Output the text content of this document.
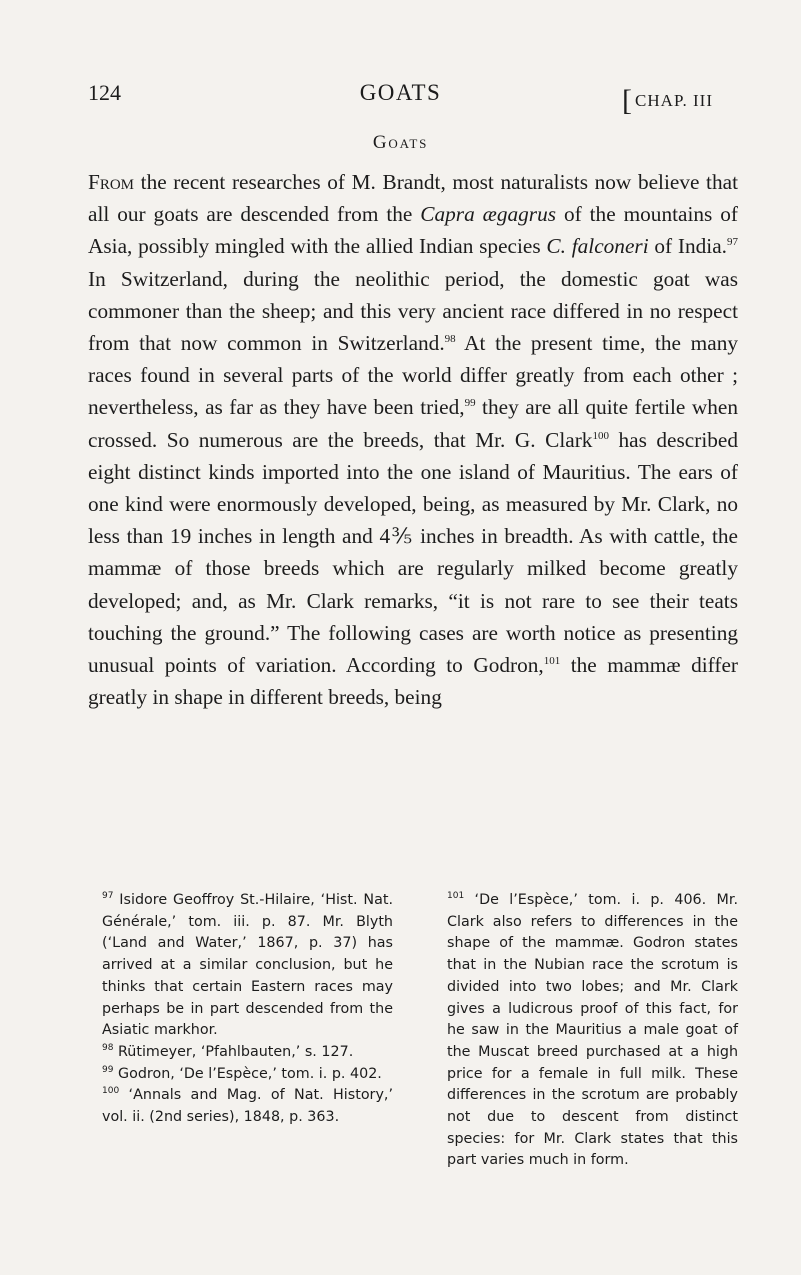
124	GOATS	[ CHAP. III
Goats

From the recent researches of M. Brandt, most naturalists now believe that all our goats are descended from the Capra ægagrus of the mountains of Asia, possibly mingled with the allied Indian species C. falconeri of India.$^{97}$ In Switzerland, during the neolithic period, the domestic goat was commoner than the sheep; and this very ancient race differed in no respect from that now common in Switzerland.$^{98}$ At the present time, the many races found in several parts of the world differ greatly from each other ; nevertheless, as far as they have been tried,$^{99}$ they are all quite fertile when crossed. So numerous are the breeds, that Mr. G. Clark$^{100}$ has described eight distinct kinds imported into the one island of Mauritius. The ears of one kind were enormously developed, being, as measured by Mr. Clark, no less than 19 inches in length and 4⅗ inches in breadth. As with cattle, the mammæ of those breeds which are regularly milked become greatly developed; and, as Mr. Clark remarks, “it is not rare to see their teats touching the ground.” The following cases are worth notice as presenting unusual points of variation. According to Godron,$^{101}$ the mammæ differ greatly in shape in different breeds, being

$^{97}$ Isidore Geoffroy St.-Hilaire, ‘Hist. Nat. Générale,’ tom. iii. p. 87. Mr. Blyth (‘Land and Water,’ 1867, p. 37) has arrived at a similar conclusion, but he thinks that certain Eastern races may perhaps be in part descended from the Asiatic markhor.

$^{98}$ Rütimeyer, ‘Pfahlbauten,’ s. 127.

$^{99}$ Godron, ‘De l’Espèce,’ tom. i. p. 402.

$^{100}$ ‘Annals and Mag. of Nat. History,’ vol. ii. (2nd series), 1848, p. 363.

$^{101}$ ‘De l’Espèce,’ tom. i. p. 406. Mr. Clark also refers to differences in the shape of the mammæ. Godron states that in the Nubian race the scrotum is divided into two lobes; and Mr. Clark gives a ludicrous proof of this fact, for he saw in the Mauritius a male goat of the Muscat breed purchased at a high price for a female in full milk. These differences in the scrotum are probably not due to descent from distinct species: for Mr. Clark states that this part varies much in form.
